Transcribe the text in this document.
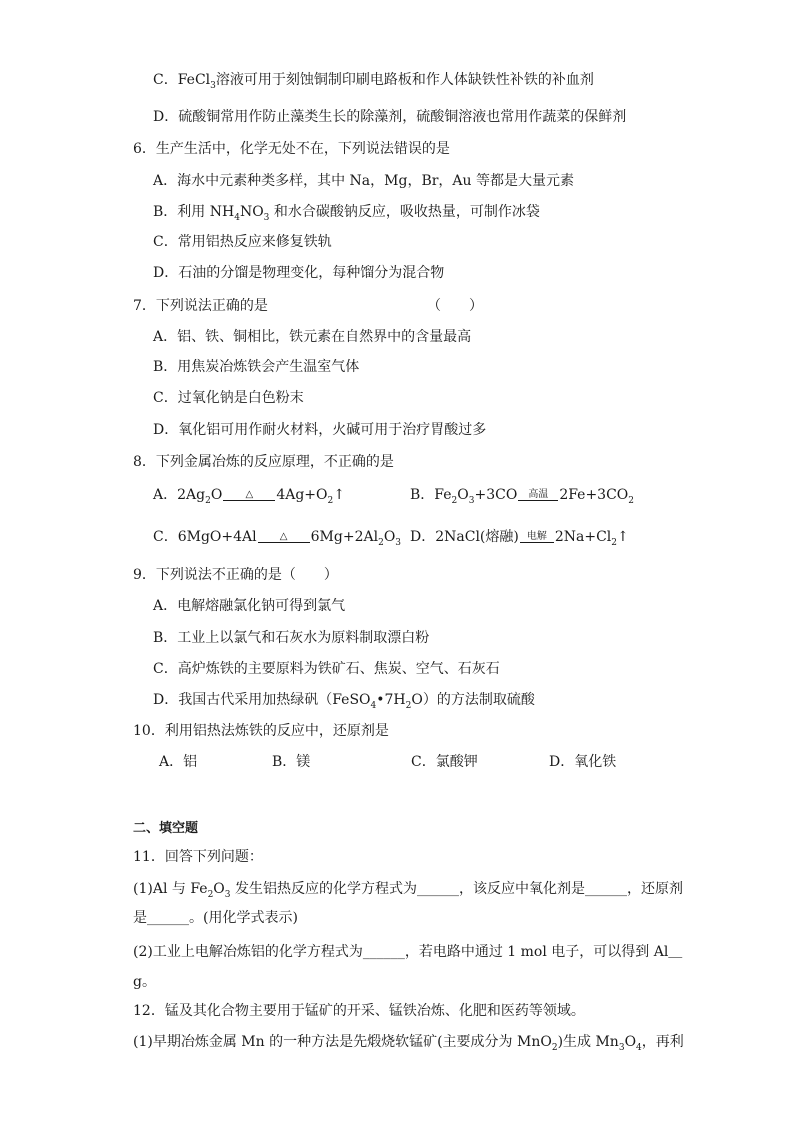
C．FeCl$_3$溶液可用于刻蚀铜制印刷电路板和作人体缺铁性补铁的补血剂
D．硫酸铜常用作防止藻类生长的除藻剂，硫酸铜溶液也常用作蔬菜的保鲜剂
6．生产生活中，化学无处不在，下列说法错误的是
A．海水中元素种类多样，其中 Na，Mg，Br，Au 等都是大量元素
B．利用 $NH_4NO_3$ 和水合碳酸钠反应，吸收热量，可制作冰袋
C．常用铝热反应来修复铁轨
D．石油的分馏是物理变化，每种馏分为混合物
7．下列说法正确的是	（　　）
A．铝、铁、铜相比，铁元素在自然界中的含量最高
B．用焦炭冶炼铁会产生温室气体
C．过氧化钠是白色粉末
D．氧化铝可用作耐火材料，火碱可用于治疗胃酸过多
8．下列金属冶炼的反应原理，不正确的是
A．$2Ag_2O$	△	$4Ag+O_2↑$	B．$Fe_2O_3+3CO$	高温 $2Fe+3CO_2$
C．6MgO+4Al	△	$6Mg+2Al_2O_3$ D．2NaCl(熔融) 电解 $2Na+Cl_2↑$
9．下列说法不正确的是（　　）
A．电解熔融氯化钠可得到氯气
B．工业上以氯气和石灰水为原料制取漂白粉
C．高炉炼铁的主要原料为铁矿石、焦炭、空气、石灰石
D．我国古代采用加热绿矾$(FeSO_4•7H_2O)$的方法制取硫酸
10．利用铝热法炼铁的反应中，还原剂是
A．铝	B．镁	C．氯酸钾	D．氧化铁
二、填空题
11．回答下列问题：
(1)Al 与 $Fe_2O_3$ 发生铝热反应的化学方程式为______，该反应中氧化剂是______，还原剂
是______。(用化学式表示)
(2)工业上电解冶炼铝的化学方程式为______，若电路中通过 1 mol 电子，可以得到 Al＿
g。
12．锰及其化合物主要用于锰矿的开采、锰铁冶炼、化肥和医药等领域。
(1)早期冶炼金属 Mn 的一种方法是先煅烧软锰矿(主要成分为 MnO$_2$)生成 $Mn_3O_4$，再利
